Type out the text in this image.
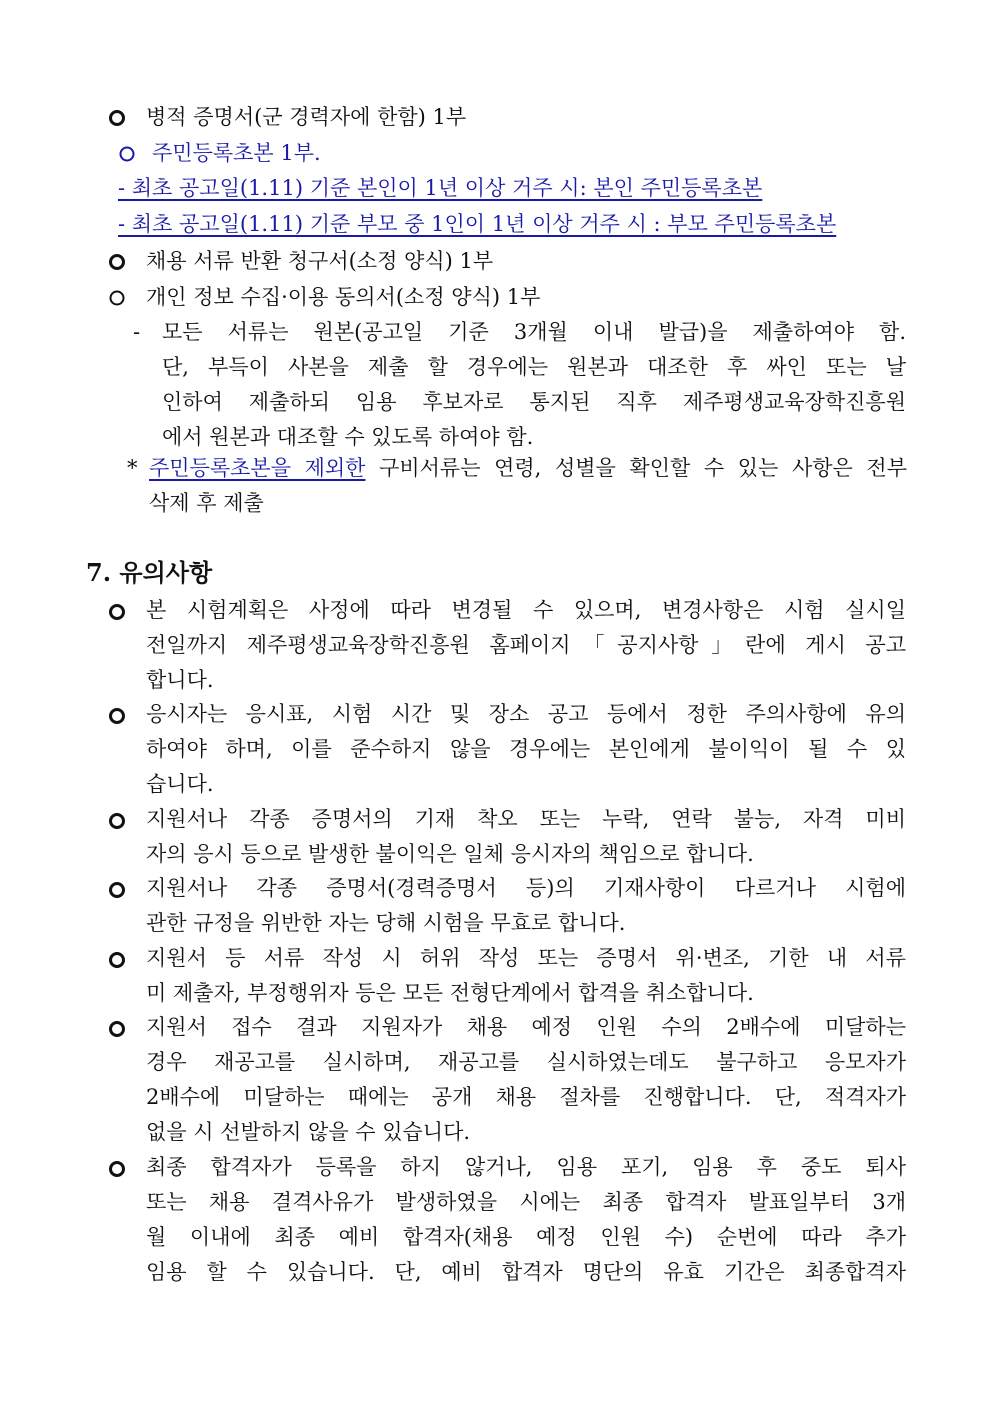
병적 증명서(군 경력자에 한함) 1부
주민등록초본 1부.
- 최초 공고일(1.11) 기준 본인이 1년 이상 거주 시: 본인 주민등록초본
- 최초 공고일(1.11) 기준 부모 중 1인이 1년 이상 거주 시 : 부모 주민등록초본
채용 서류 반환 청구서(소정 양식) 1부
개인 정보 수집·이용 동의서(소정 양식) 1부
-	모든 서류는 원본(공고일 기준 3개월 이내 발급)을 제출하여야 함.
단, 부득이 사본을 제출 할 경우에는 원본과 대조한 후 싸인 또는 날
인하여 제출하되 임용 후보자로 통지된 직후 제주평생교육장학진흥원
에서 원본과 대조할 수 있도록 하여야 함.
* 주민등록초본을 제외한 구비서류는 연령, 성별을 확인할 수 있는 사항은 전부
삭제 후 제출
7. 유의사항
본 시험계획은 사정에 따라 변경될 수 있으며, 변경사항은 시험 실시일
전일까지 제주평생교육장학진흥원 홈페이지「공지사항」란에 게시 공고
합니다.
응시자는 응시표, 시험 시간 및 장소 공고 등에서 정한 주의사항에 유의
하여야 하며, 이를 준수하지 않을 경우에는 본인에게 불이익이 될 수 있
습니다.
지원서나 각종 증명서의 기재 착오 또는 누락, 연락 불능, 자격 미비
자의 응시 등으로 발생한 불이익은 일체 응시자의 책임으로 합니다.
지원서나 각종 증명서(경력증명서 등)의 기재사항이 다르거나 시험에
관한 규정을 위반한 자는 당해 시험을 무효로 합니다.
지원서 등 서류 작성 시 허위 작성 또는 증명서 위·변조, 기한 내 서류
미 제출자, 부정행위자 등은 모든 전형단계에서 합격을 취소합니다.
지원서 접수 결과 지원자가 채용 예정 인원 수의 2배수에 미달하는
경우 재공고를 실시하며, 재공고를 실시하였는데도 불구하고 응모자가
2배수에 미달하는 때에는 공개 채용 절차를 진행합니다. 단, 적격자가
없을 시 선발하지 않을 수 있습니다.
최종 합격자가 등록을 하지 않거나, 임용 포기, 임용 후 중도 퇴사
또는 채용 결격사유가 발생하였을 시에는 최종 합격자 발표일부터 3개
월 이내에 최종 예비 합격자(채용 예정 인원 수) 순번에 따라 추가
임용 할 수 있습니다. 단, 예비 합격자 명단의 유효 기간은 최종합격자
